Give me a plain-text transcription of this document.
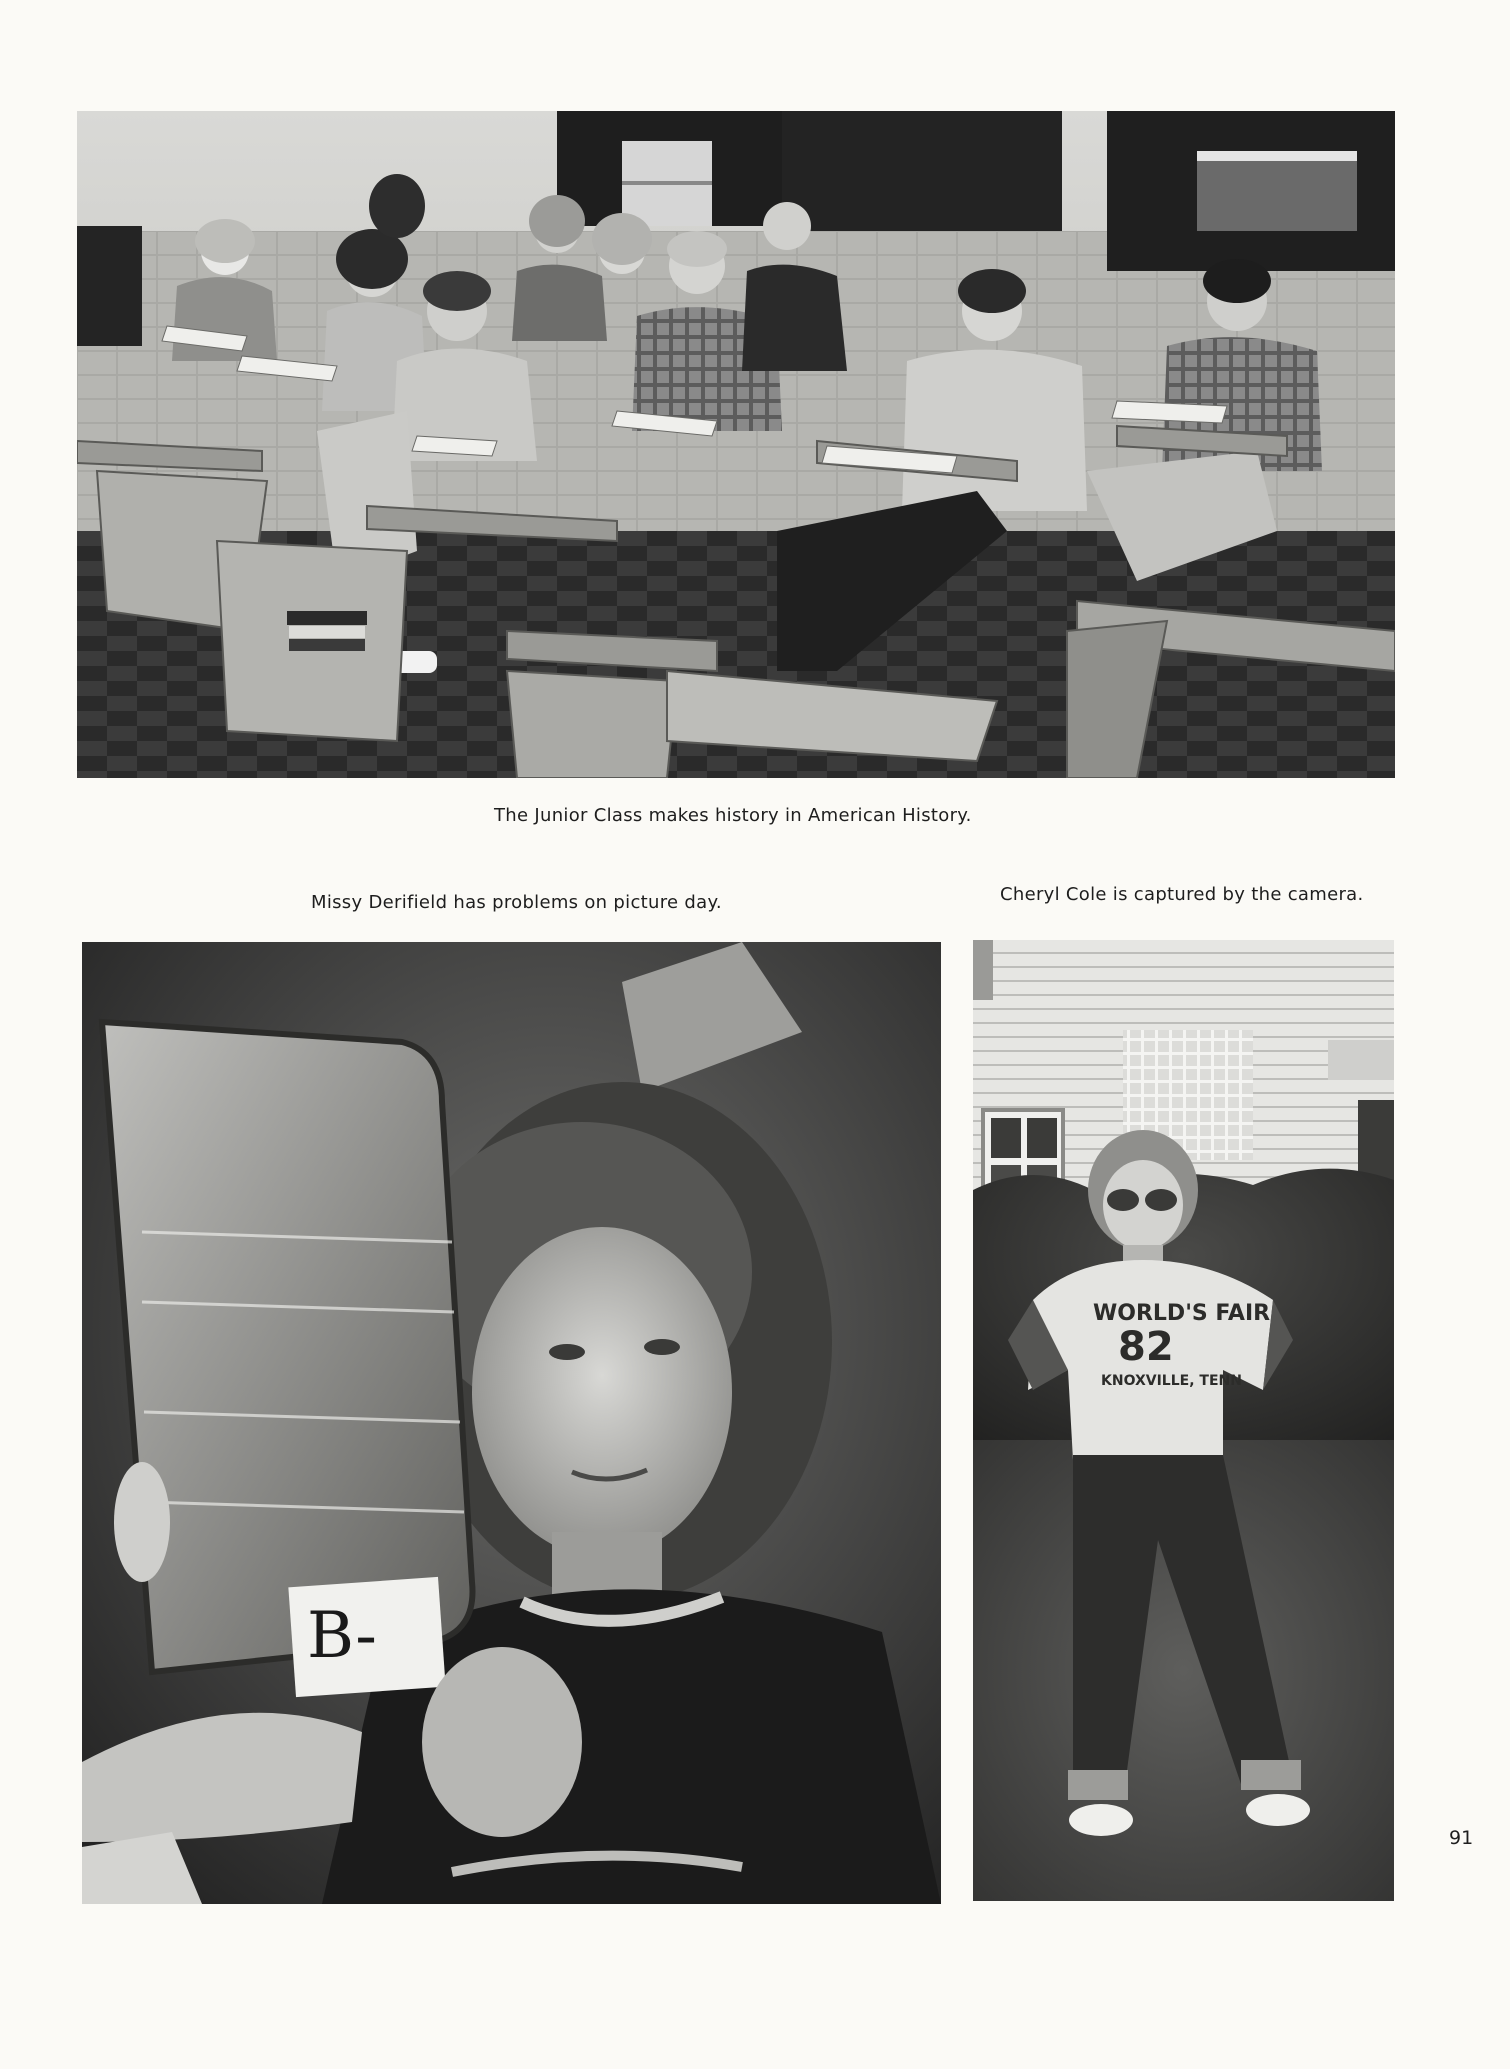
The Junior Class makes history in American History.
Missy Derifield has problems on picture day.	Cheryl Cole is captured by the camera.
B-
WORLD'S FAIR
82
KNOXVILLE, TENN
91
